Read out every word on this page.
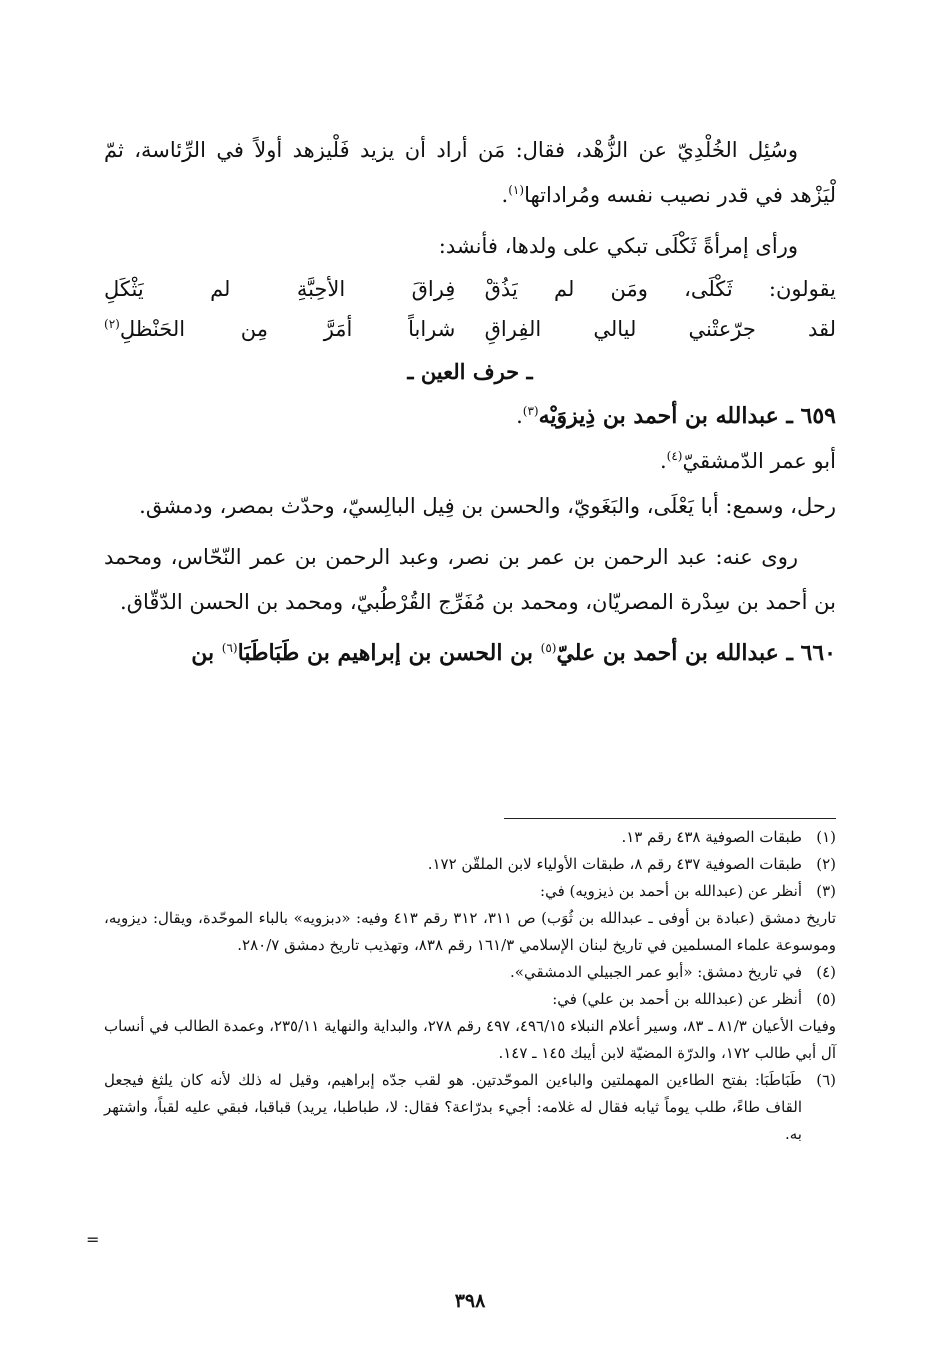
وسُئِل الخُلْدِيّ عن الزُّهْد، فقال: مَن أراد أن يزيد فَلْيزهد أولاً في الرِّئاسة، ثمّ لْيَزْهد في قدر نصيب نفسه ومُراداتها$^{(١)}$.

ورأى إمرأةً ثَكْلَى تبكي على ولدها، فأنشد:

يقولون: ثَكْلَى، ومَن لم يَذُقْ
فِراقَ الأحِبَّةِ لم يَثْكَلِ
لقد جرّعتْني ليالي الفِراقِ
شراباً أمَرَّ مِن الحَنْظلِ$^{(٢)}$

ـ حرف العين ـ

٦٥٩ ـ عبدالله بن أحمد بن ذِيزوَيْه$^{(٣)}$.

أبو عمر الدّمشقيّ$^{(٤)}$.

رحل، وسمع: أبا يَعْلَى، والبَغَويّ، والحسن بن فِيل البالِسيّ، وحدّث بمصر، ودمشق.

روى عنه: عبد الرحمن بن عمر بن نصر، وعبد الرحمن بن عمر النّحّاس، ومحمد بن أحمد بن سِدْرة المصريّان، ومحمد بن مُفَرِّج القُرْطُبيّ، ومحمد بن الحسن الدّقّاق.

٦٦٠ ـ عبدالله بن أحمد بن عليّ$^{(٥)}$ بن الحسن بن إبراهيم بن طَبَاطَبَا$^{(٦)}$ بن

(١)
طبقات الصوفية ٤٣٨ رقم ١٣.
(٢)
طبقات الصوفية ٤٣٧ رقم ٨، طبقات الأولياء لابن الملقّن ١٧٢.
(٣)
أنظر عن (عبدالله بن أحمد بن ذيزويه) في:

تاريخ دمشق (عبادة بن أوفى ـ عبدالله بن ثُوَب) ص ٣١١، ٣١٢ رقم ٤١٣ وفيه: «دبزويه» بالباء الموحّدة، ويقال: ديزويه، وموسوعة علماء المسلمين في تاريخ لبنان الإسلامي ١٦١/٣ رقم ٨٣٨، وتهذيب تاريخ دمشق ٢٨٠/٧.

(٤)
في تاريخ دمشق: «أبو عمر الجبيلي الدمشقي».
(٥)
أنظر عن (عبدالله بن أحمد بن علي) في:

وفيات الأعيان ٨١/٣ ـ ٨٣، وسير أعلام النبلاء ٤٩٦/١٥، ٤٩٧ رقم ٢٧٨، والبداية والنهاية ٢٣٥/١١، وعمدة الطالب في أنساب آل أبي طالب ١٧٢، والدرّة المضيّة لابن أيبك ١٤٥ ـ ١٤٧.

(٦)
طَبَاطَبَا: بفتح الطاءين المهملتين والباءين الموحّدتين. هو لقب جدّه إبراهيم، وقيل له ذلك لأنه كان يلثغ فيجعل القاف طاءً، طلب يوماً ثيابه فقال له غلامه: أجيء بدرّاعة؟ فقال: لا، طباطبا، يريد) قباقبا، فبقي عليه لقباً، واشتهر به.
=
٣٩٨
